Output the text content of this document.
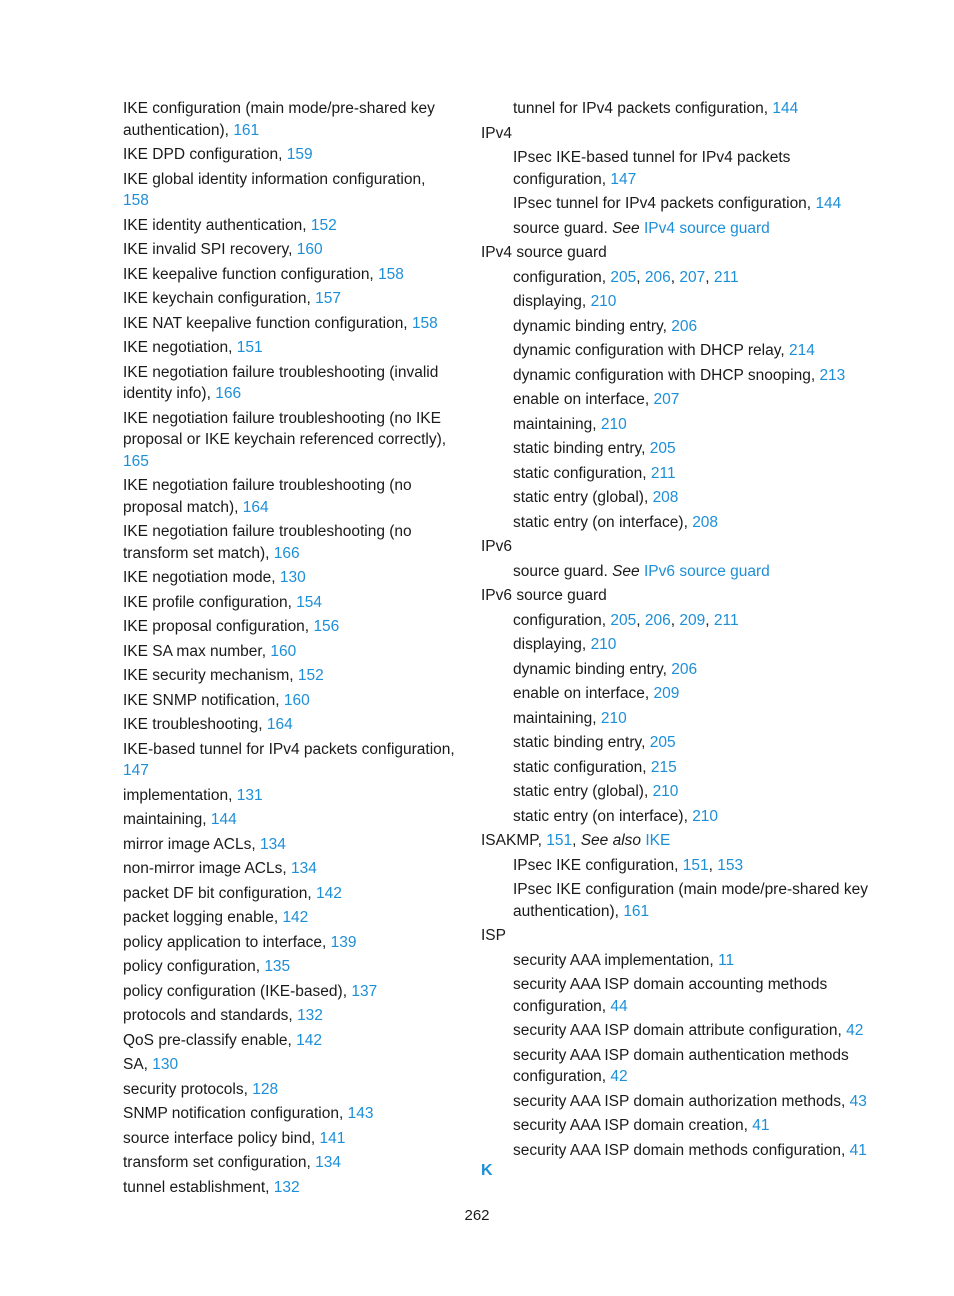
IKE configuration (main mode/pre-shared key authentication), 161
IKE DPD configuration, 159
IKE global identity information configuration, 158
IKE identity authentication, 152
IKE invalid SPI recovery, 160
IKE keepalive function configuration, 158
IKE keychain configuration, 157
IKE NAT keepalive function configuration, 158
IKE negotiation, 151
IKE negotiation failure troubleshooting (invalid identity info), 166
IKE negotiation failure troubleshooting (no IKE proposal or IKE keychain referenced correctly), 165
IKE negotiation failure troubleshooting (no proposal match), 164
IKE negotiation failure troubleshooting (no transform set match), 166
IKE negotiation mode, 130
IKE profile configuration, 154
IKE proposal configuration, 156
IKE SA max number, 160
IKE security mechanism, 152
IKE SNMP notification, 160
IKE troubleshooting, 164
IKE-based tunnel for IPv4 packets configuration, 147
implementation, 131
maintaining, 144
mirror image ACLs, 134
non-mirror image ACLs, 134
packet DF bit configuration, 142
packet logging enable, 142
policy application to interface, 139
policy configuration, 135
policy configuration (IKE-based), 137
protocols and standards, 132
QoS pre-classify enable, 142
SA, 130
security protocols, 128
SNMP notification configuration, 143
source interface policy bind, 141
transform set configuration, 134
tunnel establishment, 132
tunnel for IPv4 packets configuration, 144
IPv4
IPsec IKE-based tunnel for IPv4 packets configuration, 147
IPsec tunnel for IPv4 packets configuration, 144
source guard. See IPv4 source guard
IPv4 source guard
configuration, 205, 206, 207, 211
displaying, 210
dynamic binding entry, 206
dynamic configuration with DHCP relay, 214
dynamic configuration with DHCP snooping, 213
enable on interface, 207
maintaining, 210
static binding entry, 205
static configuration, 211
static entry (global), 208
static entry (on interface), 208
IPv6
source guard. See IPv6 source guard
IPv6 source guard
configuration, 205, 206, 209, 211
displaying, 210
dynamic binding entry, 206
enable on interface, 209
maintaining, 210
static binding entry, 205
static configuration, 215
static entry (global), 210
static entry (on interface), 210
ISAKMP, 151, See also IKE
IPsec IKE configuration, 151, 153
IPsec IKE configuration (main mode/pre-shared key authentication), 161
ISP
security AAA implementation, 11
security AAA ISP domain accounting methods configuration, 44
security AAA ISP domain attribute configuration, 42
security AAA ISP domain authentication methods configuration, 42
security AAA ISP domain authorization methods, 43
security AAA ISP domain creation, 41
security AAA ISP domain methods configuration, 41
K
262
